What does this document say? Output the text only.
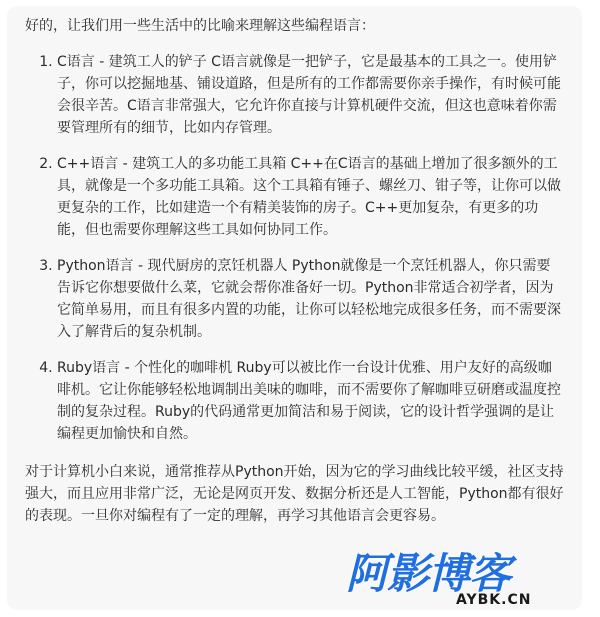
好的，让我们用一些生活中的比喻来理解这些编程语言：

1. C语言 - 建筑工人的铲子 C语言就像是一把铲子，它是最基本的工具之一。使用铲子，你可以挖掘地基、铺设道路，但是所有的工作都需要你亲手操作，有时候可能会很辛苦。C语言非常强大，它允许你直接与计算机硬件交流，但这也意味着你需要管理所有的细节，比如内存管理。
2. C++语言 - 建筑工人的多功能工具箱 C++在C语言的基础上增加了很多额外的工具，就像是一个多功能工具箱。这个工具箱有锤子、螺丝刀、钳子等，让你可以做更复杂的工作，比如建造一个有精美装饰的房子。C++更加复杂，有更多的功能，但也需要你理解这些工具如何协同工作。
3. Python语言 - 现代厨房的烹饪机器人 Python就像是一个烹饪机器人，你只需要告诉它你想要做什么菜，它就会帮你准备好一切。Python非常适合初学者，因为它简单易用，而且有很多内置的功能，让你可以轻松地完成很多任务，而不需要深入了解背后的复杂机制。
4. Ruby语言 - 个性化的咖啡机 Ruby可以被比作一台设计优雅、用户友好的高级咖啡机。它让你能够轻松地调制出美味的咖啡，而不需要你了解咖啡豆研磨或温度控制的复杂过程。Ruby的代码通常更加简洁和易于阅读，它的设计哲学强调的是让编程更加愉快和自然。

对于计算机小白来说，通常推荐从Python开始，因为它的学习曲线比较平缓，社区支持强大，而且应用非常广泛，无论是网页开发、数据分析还是人工智能，Python都有很好的表现。一旦你对编程有了一定的理解，再学习其他语言会更容易。

阿影博客
AYBK.CN
